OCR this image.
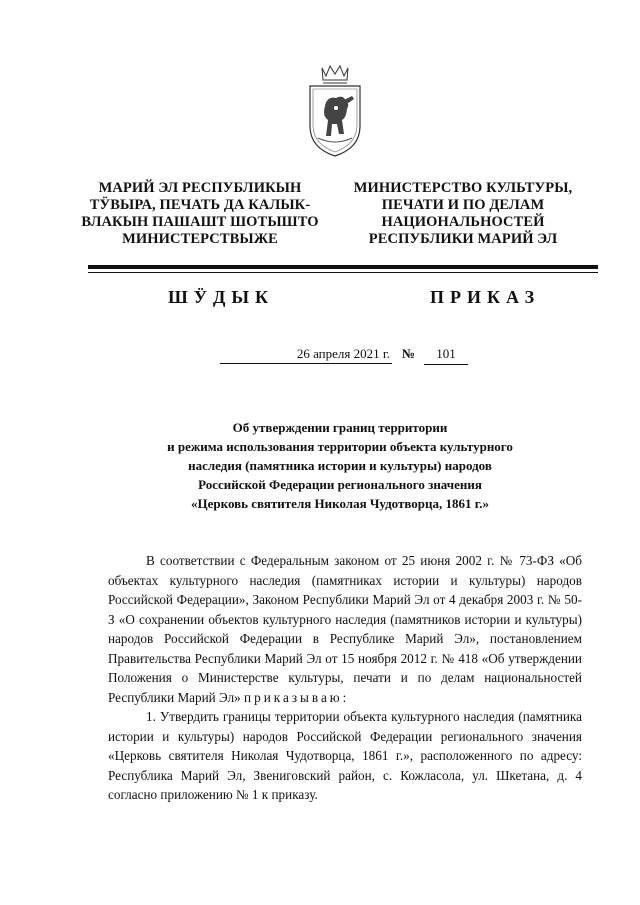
МАРИЙ ЭЛ РЕСПУБЛИКЫН
ТӰВЫРА, ПЕЧАТЬ ДА КАЛЫК-
ВЛАКЫН ПАШАШТ ШОТЫШТО
МИНИСТЕРСТВЫЖЕ
МИНИСТЕРСТВО КУЛЬТУРЫ,
ПЕЧАТИ И ПО ДЕЛАМ
НАЦИОНАЛЬНОСТЕЙ
РЕСПУБЛИКИ МАРИЙ ЭЛ
ШӰДЫК	ПРИКАЗ
26 апреля 2021 г. №	101
Об утверждении границ территории
и режима использования территории объекта культурного
наследия (памятника истории и культуры) народов
Российской Федерации регионального значения
«Церковь святителя Николая Чудотворца, 1861 г.»

В соответствии с Федеральным законом от 25 июня 2002 г. № 73-ФЗ «Об объектах культурного наследия (памятниках истории и культуры) народов Российской Федерации», Законом Республики Марий Эл от 4 декабря 2003 г. № 50-З «О сохранении объектов культурного наследия (памятников истории и культуры) народов Российской Федерации в Республике Марий Эл», постановлением Правительства Республики Марий Эл от 15 ноября 2012 г. № 418 «Об утверждении Положения о Министерстве культуры, печати и по делам национальностей Республики Марий Эл» приказываю:

1. Утвердить границы территории объекта культурного наследия (памятника истории и культуры) народов Российской Федерации регионального значения «Церковь святителя Николая Чудотворца, 1861 г.», расположенного по адресу: Республика Марий Эл, Звениговский район, с. Кожласола, ул. Шкетана, д. 4 согласно приложению № 1 к приказу.
